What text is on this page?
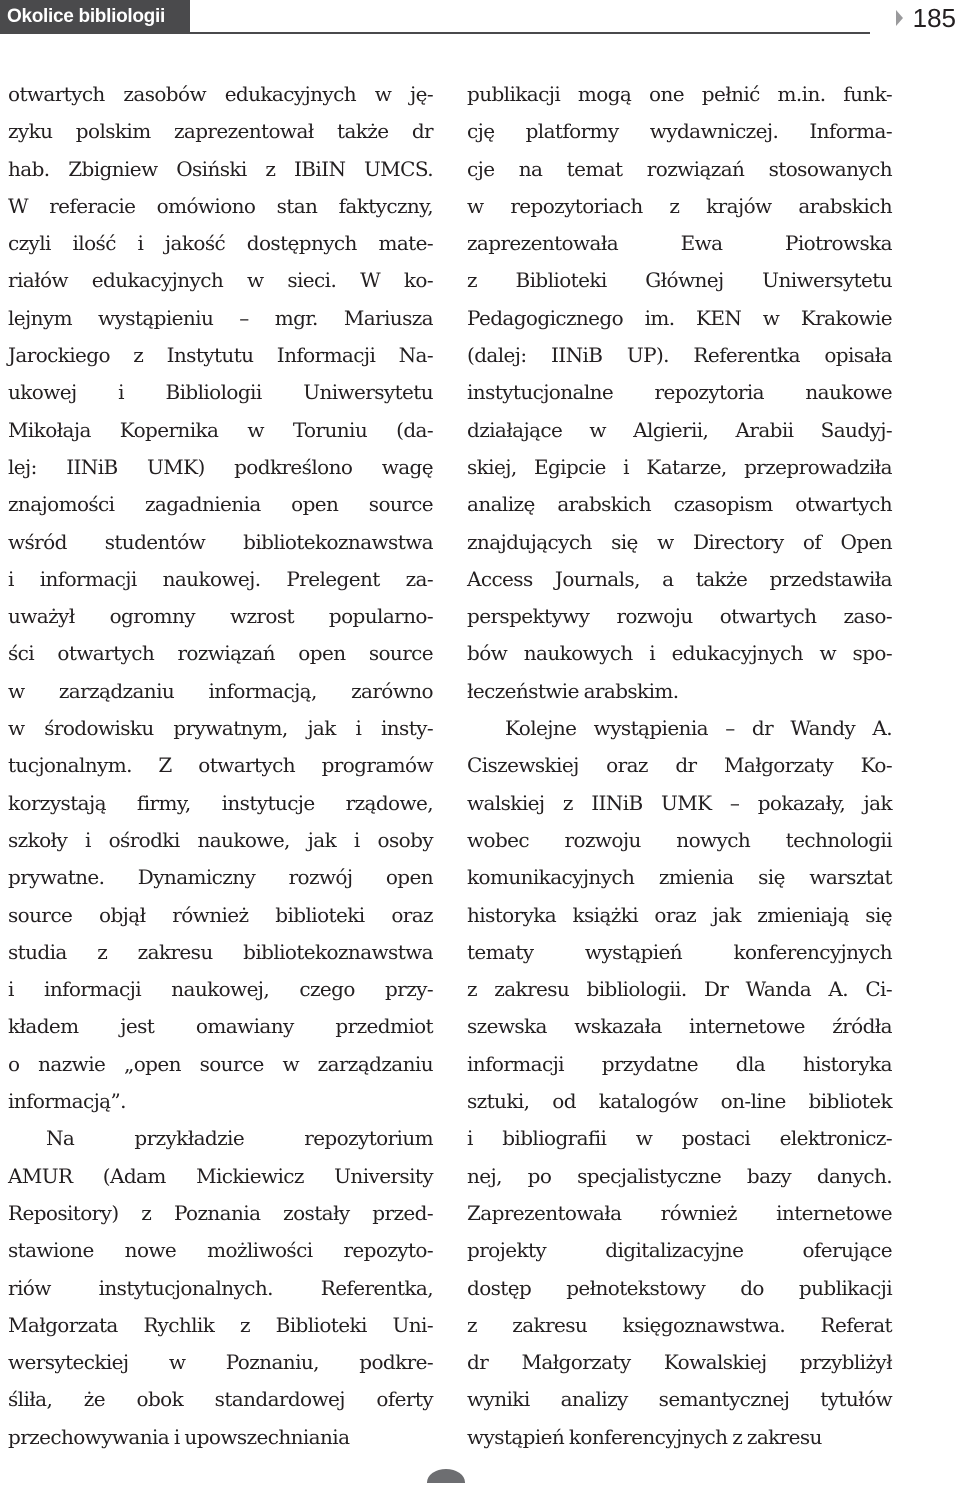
Okolice bibliologii	185
otwartych zasobów edukacyjnych w ję-
zyku polskim zaprezentował także dr
hab. Zbigniew Osiński z IBiIN UMCS.
W referacie omówiono stan faktyczny,
czyli ilość i jakość dostępnych mate-
riałów edukacyjnych w sieci. W ko-
lejnym wystąpieniu – mgr. Mariusza
Jarockiego z Instytutu Informacji Na-
ukowej i Bibliologii Uniwersytetu
Mikołaja Kopernika w Toruniu (da-
lej: IINiB UMK) podkreślono wagę
znajomości zagadnienia open source
wśród studentów bibliotekoznawstwa
i informacji naukowej. Prelegent za-
uważył ogromny wzrost popularno-
ści otwartych rozwiązań open source
w zarządzaniu informacją, zarówno
w środowisku prywatnym, jak i insty-
tucjonalnym. Z otwartych programów
korzystają firmy, instytucje rządowe,
szkoły i ośrodki naukowe, jak i osoby
prywatne. Dynamiczny rozwój open
source objął również biblioteki oraz
studia z zakresu bibliotekoznawstwa
i informacji naukowej, czego przy-
kładem jest omawiany przedmiot
o nazwie „open source w zarządzaniu
informacją”.
Na przykładzie repozytorium
AMUR (Adam Mickiewicz University
Repository) z Poznania zostały przed-
stawione nowe możliwości repozyto-
riów instytucjonalnych. Referentka,
Małgorzata Rychlik z Biblioteki Uni-
wersyteckiej w Poznaniu, podkre-
śliła, że obok standardowej oferty
przechowywania i upowszechniania
publikacji mogą one pełnić m.in. funk-
cję platformy wydawniczej. Informa-
cje na temat rozwiązań stosowanych
w repozytoriach z krajów arabskich
zaprezentowała Ewa Piotrowska
z Biblioteki Głównej Uniwersytetu
Pedagogicznego im. KEN w Krakowie
(dalej: IINiB UP). Referentka opisała
instytucjonalne repozytoria naukowe
działające w Algierii, Arabii Saudyj-
skiej, Egipcie i Katarze, przeprowadziła
analizę arabskich czasopism otwartych
znajdujących się w Directory of Open
Access Journals, a także przedstawiła
perspektywy rozwoju otwartych zaso-
bów naukowych i edukacyjnych w spo-
łeczeństwie arabskim.
Kolejne wystąpienia – dr Wandy A.
Ciszewskiej oraz dr Małgorzaty Ko-
walskiej z IINiB UMK – pokazały, jak
wobec rozwoju nowych technologii
komunikacyjnych zmienia się warsztat
historyka książki oraz jak zmieniają się
tematy wystąpień konferencyjnych
z zakresu bibliologii. Dr Wanda A. Ci-
szewska wskazała internetowe źródła
informacji przydatne dla historyka
sztuki, od katalogów on-line bibliotek
i bibliografii w postaci elektronicz-
nej, po specjalistyczne bazy danych.
Zaprezentowała również internetowe
projekty digitalizacyjne oferujące
dostęp pełnotekstowy do publikacji
z zakresu księgoznawstwa. Referat
dr Małgorzaty Kowalskiej przybliżył
wyniki analizy semantycznej tytułów
wystąpień konferencyjnych z zakresu
